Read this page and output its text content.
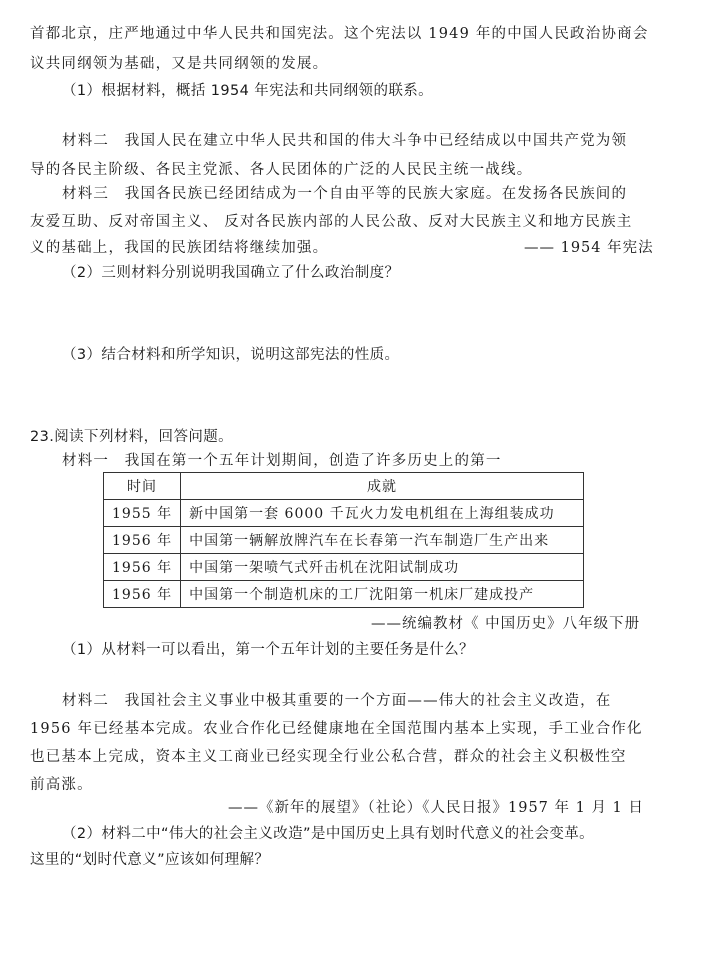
首都北京，庄严地通过中华人民共和国宪法。这个宪法以 1949 年的中国人民政治协商会
议共同纲领为基础，又是共同纲领的发展。
（1）根据材料，概括 1954 年宪法和共同纲领的联系。
材料二　我国人民在建立中华人民共和国的伟大斗争中已经结成以中国共产党为领
导的各民主阶级、各民主党派、各人民团体的广泛的人民民主统一战线。
材料三　我国各民族已经团结成为一个自由平等的民族大家庭。在发扬各民族间的
友爱互助、反对帝国主义、 反对各民族内部的人民公敌、反对大民族主义和地方民族主
义的基础上，我国的民族团结将继续加强。	—— 1954 年宪法
（2）三则材料分别说明我国确立了什么政治制度？
（3）结合材料和所学知识，说明这部宪法的性质。
23.阅读下列材料，回答问题。
材料一　我国在第一个五年计划期间，创造了许多历史上的第一
时间	成就
1955 年	新中国第一套 6000 千瓦火力发电机组在上海组装成功
1956 年	中国第一辆解放牌汽车在长春第一汽车制造厂生产出来
1956 年	中国第一架喷气式歼击机在沈阳试制成功
1956 年	中国第一个制造机床的工厂沈阳第一机床厂建成投产
——统编教材《 中国历史》八年级下册
（1）从材料一可以看出，第一个五年计划的主要任务是什么？
材料二　我国社会主义事业中极其重要的一个方面——伟大的社会主义改造，在
1956 年已经基本完成。农业合作化已经健康地在全国范围内基本上实现，手工业合作化
也已基本上完成，资本主义工商业已经实现全行业公私合营，群众的社会主义积极性空
前高涨。
——《新年的展望》（社论）《人民日报》1957 年 1 月 1 日
（2）材料二中“伟大的社会主义改造”是中国历史上具有划时代意义的社会变革。
这里的“划时代意义”应该如何理解？
